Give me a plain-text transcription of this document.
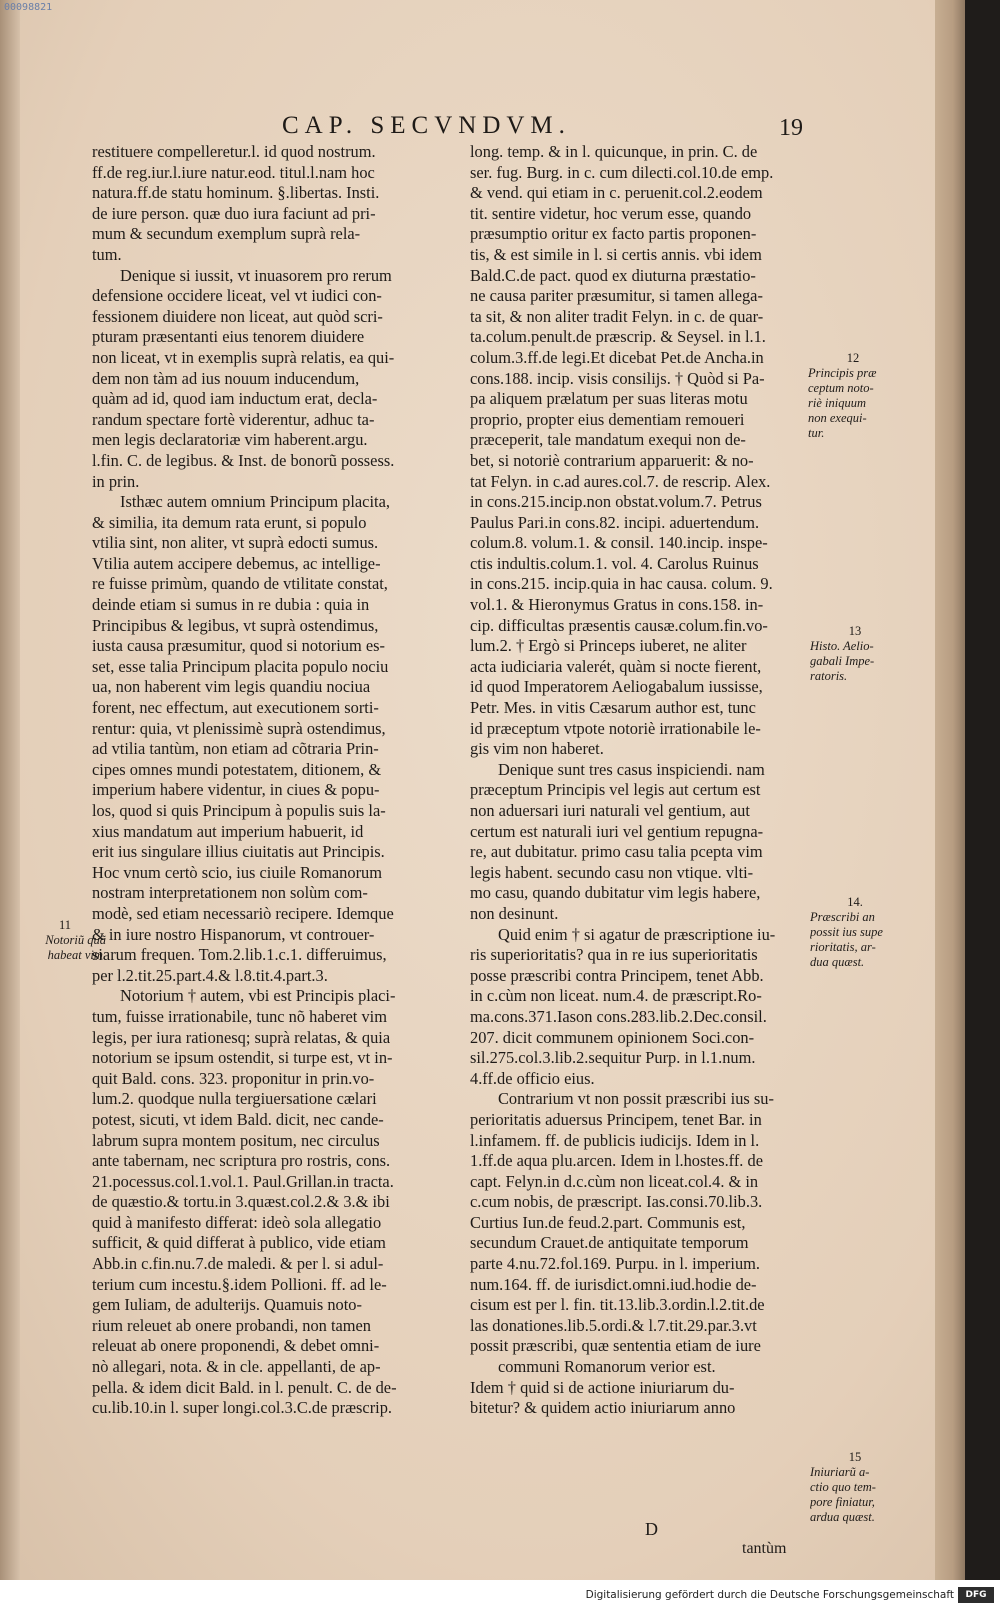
00098821
CAP. SECVNDVM.	19
restituere compelleretur.l. id quod nostrum.
ff.de reg.iur.l.iure natur.eod. titul.l.nam hoc
natura.ff.de statu hominum. §.libertas. Insti.
de iure person. quæ duo iura faciunt ad pri-
mum & secundum exemplum suprà rela-
tum.
Denique si iussit, vt inuasorem pro rerum
defensione occidere liceat, vel vt iudici con-
fessionem diuidere non liceat, aut quòd scri-
pturam præsentanti eius tenorem diuidere
non liceat, vt in exemplis suprà relatis, ea qui-
dem non tàm ad ius nouum inducendum,
quàm ad id, quod iam inductum erat, decla-
randum spectare fortè viderentur, adhuc ta-
men legis declaratoriæ vim haberent.argu.
l.fin. C. de legibus. & Inst. de bonorũ possess.
in prin.
Isthæc autem omnium Principum placita,
& similia, ita demum rata erunt, si populo
vtilia sint, non aliter, vt suprà edocti sumus.
Vtilia autem accipere debemus, ac intellige-
re fuisse primùm, quando de vtilitate constat,
deinde etiam si sumus in re dubia : quia in
Principibus & legibus, vt suprà ostendimus,
iusta causa præsumitur, quod si notorium es-
set, esse talia Principum placita populo nociu
ua, non haberent vim legis quandiu nociua
forent, nec effectum, aut executionem sorti-
rentur: quia, vt plenissimè suprà ostendimus,
ad vtilia tantùm, non etiam ad cõtraria Prin-
cipes omnes mundi potestatem, ditionem, &
imperium habere videntur, in ciues & popu-
los, quod si quis Principum à populis suis la-
xius mandatum aut imperium habuerit, id
erit ius singulare illius ciuitatis aut Principis.
Hoc vnum certò scio, ius ciuile Romanorum
nostram interpretationem non solùm com-
modè, sed etiam necessariò recipere. Idemque
& in iure nostro Hispanorum, vt controuer-
siarum frequen. Tom.2.lib.1.c.1. differuimus,
per l.2.tit.25.part.4.& l.8.tit.4.part.3.
Notorium † autem, vbi est Principis placi-
tum, fuisse irrationabile, tunc nõ haberet vim
legis, per iura rationesq; suprà relatas, & quia
notorium se ipsum ostendit, si turpe est, vt in-
quit Bald. cons. 323. proponitur in prin.vo-
lum.2. quodque nulla tergiuersatione cælari
potest, sicuti, vt idem Bald. dicit, nec cande-
labrum supra montem positum, nec circulus
ante tabernam, nec scriptura pro rostris, cons.
21.pocessus.col.1.vol.1. Paul.Grillan.in tracta.
de quæstio.& tortu.in 3.quæst.col.2.& 3.& ibi
quid à manifesto differat: ideò sola allegatio
sufficit, & quid differat à publico, vide etiam
Abb.in c.fin.nu.7.de maledi. & per l. si adul-
terium cum incestu.§.idem Pollioni. ff. ad le-
gem Iuliam, de adulterijs. Quamuis noto-
rium releuet ab onere probandi, non tamen
releuat ab onere proponendi, & debet omni-
nò allegari, nota. & in cle. appellanti, de ap-
pella. & idem dicit Bald. in l. penult. C. de de-
cu.lib.10.in l. super longi.col.3.C.de præscrip.
long. temp. & in l. quicunque, in prin. C. de
ser. fug. Burg. in c. cum dilecti.col.10.de emp.
& vend. qui etiam in c. peruenit.col.2.eodem
tit. sentire videtur, hoc verum esse, quando
præsumptio oritur ex facto partis proponen-
tis, & est simile in l. si certis annis. vbi idem
Bald.C.de pact. quod ex diuturna præstatio-
ne causa pariter præsumitur, si tamen allega-
ta sit, & non aliter tradit Felyn. in c. de quar-
ta.colum.penult.de præscrip. & Seysel. in l.1.
colum.3.ff.de legi.Et dicebat Pet.de Ancha.in
cons.188. incip. visis consilijs. † Quòd si Pa-
pa aliquem prælatum per suas literas motu
proprio, propter eius dementiam remoueri
præceperit, tale mandatum exequi non de-
bet, si notoriè contrarium apparuerit: & no-
tat Felyn. in c.ad aures.col.7. de rescrip. Alex.
in cons.215.incip.non obstat.volum.7. Petrus
Paulus Pari.in cons.82. incipi. aduertendum.
colum.8. volum.1. & consil. 140.incip. inspe-
ctis indultis.colum.1. vol. 4. Carolus Ruinus
in cons.215. incip.quia in hac causa. colum. 9.
vol.1. & Hieronymus Gratus in cons.158. in-
cip. difficultas præsentis causæ.colum.fin.vo-
lum.2. † Ergò si Princeps iuberet, ne aliter
acta iudiciaria valerét, quàm si nocte fierent,
id quod Imperatorem Aeliogabalum iussisse,
Petr. Mes. in vitis Cæsarum author est, tunc
id præceptum vtpote notoriè irrationabile le-
gis vim non haberet.
Denique sunt tres casus inspiciendi. nam
præceptum Principis vel legis aut certum est
non aduersari iuri naturali vel gentium, aut
certum est naturali iuri vel gentium repugna-
re, aut dubitatur. primo casu talia pcepta vim
legis habent. secundo casu non vtique. vlti-
mo casu, quando dubitatur vim legis habere,
non desinunt.
Quid enim † si agatur de præscriptione iu-
ris superioritatis? qua in re ius superioritatis
posse præscribi contra Principem, tenet Abb.
in c.cùm non liceat. num.4. de præscript.Ro-
ma.cons.371.Iason cons.283.lib.2.Dec.consil.
207. dicit communem opinionem Soci.con-
sil.275.col.3.lib.2.sequitur Purp. in l.1.num.
4.ff.de officio eius.
Contrarium vt non possit præscribi ius su-
perioritatis aduersus Principem, tenet Bar. in
l.infamem. ff. de publicis iudicijs. Idem in l.
1.ff.de aqua plu.arcen. Idem in l.hostes.ff. de
capt. Felyn.in d.c.cùm non liceat.col.4. & in
c.cum nobis, de præscript. Ias.consi.70.lib.3.
Curtius Iun.de feud.2.part. Communis est,
secundum Crauet.de antiquitate temporum
parte 4.nu.72.fol.169. Purpu. in l. imperium.
num.164. ff. de iurisdict.omni.iud.hodie de-
cisum est per l. fin. tit.13.lib.3.ordin.l.2.tit.de
las donationes.lib.5.ordi.& l.7.tit.29.par.3.vt
possit præscribi, quæ sententia etiam de iure
communi Romanorum verior est.
Idem † quid si de actione iniuriarum du-
bitetur? & quidem actio iniuriarum anno
11
Notoriũ quã
habeat vim.
12
Principis præ
ceptum noto-
riè iniquum
non exequi-
tur.
13
Histo. Aelio-
gabali Impe-
ratoris.
14.
Præscribi an
possit ius supe
rioritatis, ar-
dua quæst.
15
Iniuriarũ a-
ctio quo tem-
pore finiatur,
ardua quæst.
D
tantùm
Digitalisierung gefördert durch die Deutsche Forschungsgemeinschaft	DFG
